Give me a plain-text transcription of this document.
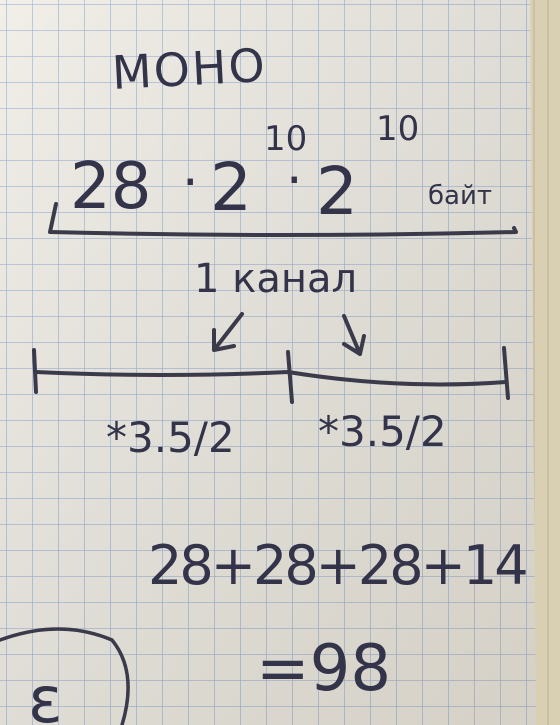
МОНО
28 · 2
10
· 2
10
байт
1 канал
*3.5/2 *3.5/2
28+28+28+14
=98
ε
